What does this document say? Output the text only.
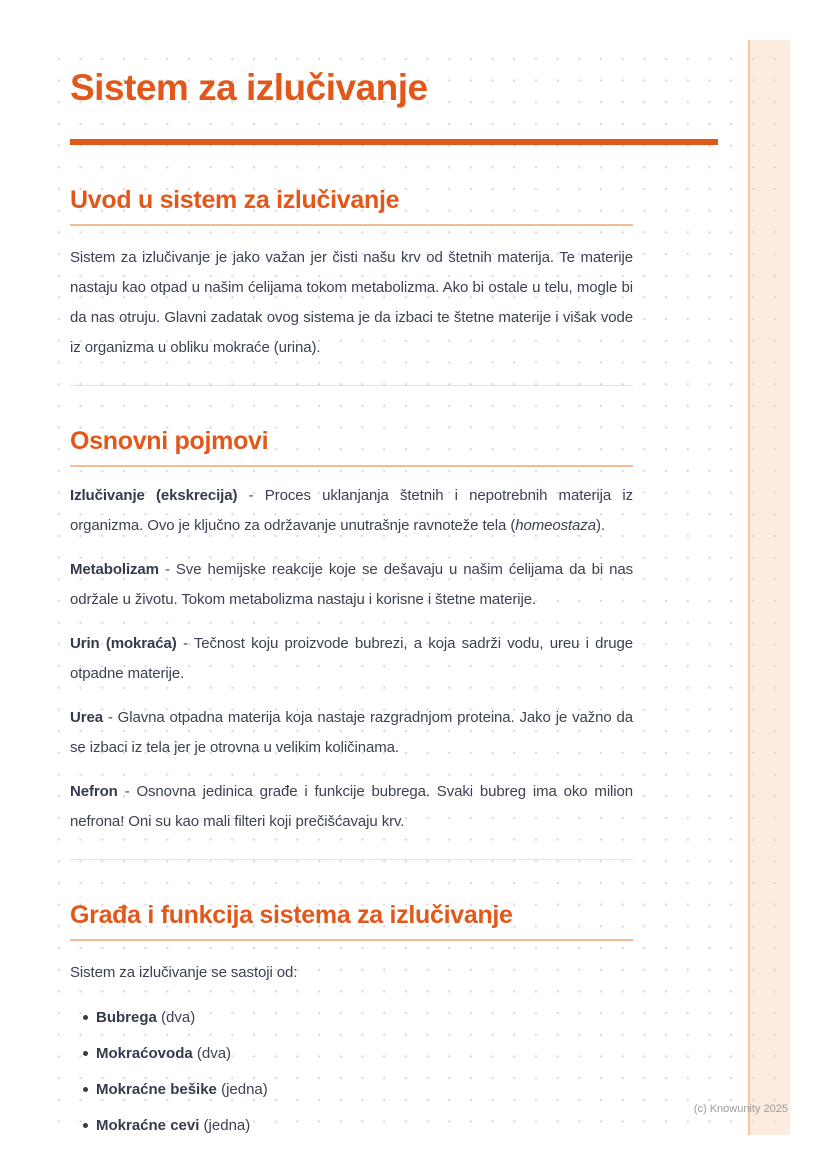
Sistem za izlučivanje
Uvod u sistem za izlučivanje

Sistem za izlučivanje je jako važan jer čisti našu krv od štetnih materija. Te materije nastaju kao otpad u našim ćelijama tokom metabolizma. Ako bi ostale u telu, mogle bi da nas otruju. Glavni zadatak ovog sistema je da izbaci te štetne materije i višak vode iz organizma u obliku mokraće (urina).

Osnovni pojmovi

Izlučivanje (ekskrecija) - Proces uklanjanja štetnih i nepotrebnih materija iz organizma. Ovo je ključno za održavanje unutrašnje ravnoteže tela (homeostaza).

Metabolizam - Sve hemijske reakcije koje se dešavaju u našim ćelijama da bi nas održale u životu. Tokom metabolizma nastaju i korisne i štetne materije.

Urin (mokraća) - Tečnost koju proizvode bubrezi, a koja sadrži vodu, ureu i druge otpadne materije.

Urea - Glavna otpadna materija koja nastaje razgradnjom proteina. Jako je važno da se izbaci iz tela jer je otrovna u velikim količinama.

Nefron - Osnovna jedinica građe i funkcije bubrega. Svaki bubreg ima oko milion nefrona! Oni su kao mali filteri koji prečišćavaju krv.

Građa i funkcija sistema za izlučivanje

Sistem za izlučivanje se sastoji od:

Bubrega (dva)
Mokraćovoda (dva)
Mokraćne bešike (jedna)
Mokraćne cevi (jedna)
(c) Knowunity 2025
